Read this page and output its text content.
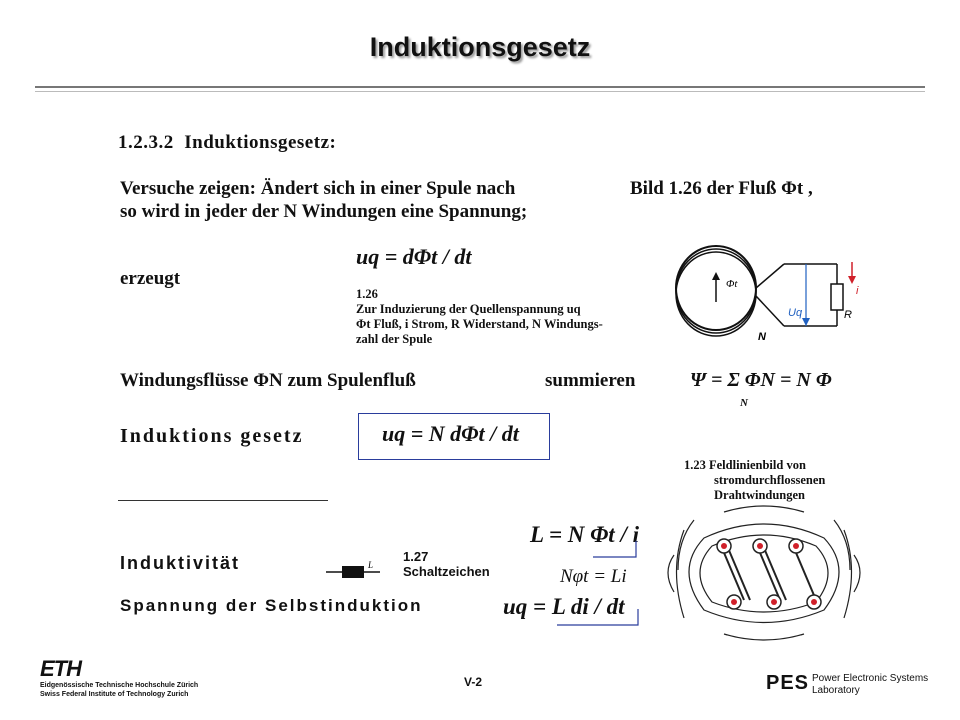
Induktionsgesetz
1.2.3.2 Induktionsgesetz:
Versuche zeigen: Ändert sich in einer Spule nach	Bild 1.26 der Fluß Φt ,
so wird in jeder der N Windungen eine Spannung;
erzeugt
uq = dΦt / dt
1.26
Zur Induzierung der Quellenspannung uq
Φt Fluß, i Strom, R Widerstand, N Windungs-
zahl der Spule
Φt
Uq
i
R
N
Windungsflüsse ΦN zum Spulenfluß	summieren	Ψ = Σ ΦN = N Φ
N
Induktions gesetz	uq = N dΦt / dt
1.23 Feldlinienbild von
stromdurchflossenen
Drahtwindungen
L = N Φt / i
Induktivität	L
1.27
Schaltzeichen	Nφt = Li
Spannung der Selbstinduktion	uq = L di / dt
ETH
Eidgenössische Technische Hochschule Zürich
Swiss Federal Institute of Technology Zurich
V-2	PES Power Electronic Systems
Laboratory
